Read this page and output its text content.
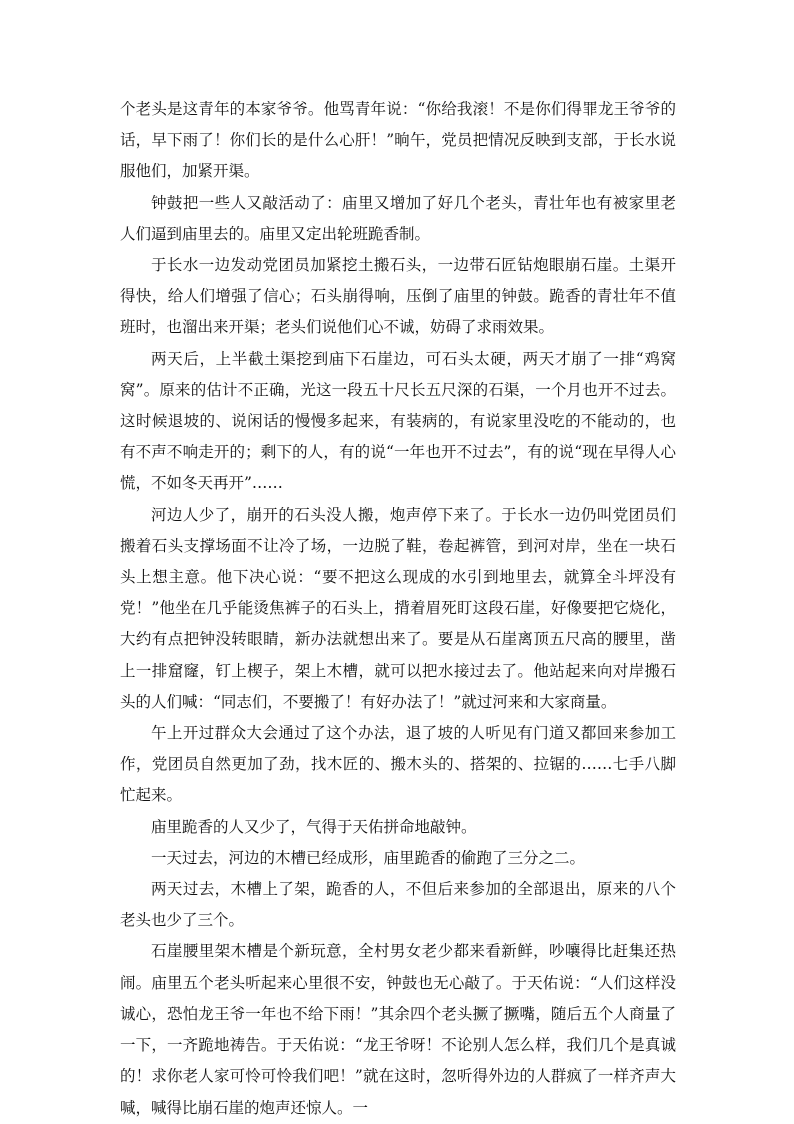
个老头是这青年的本家爷爷。他骂青年说：“你给我滚！不是你们得罪龙王爷爷的话，早下雨了！你们长的是什么心肝！”晌午，党员把情况反映到支部，于长水说服他们，加紧开渠。

钟鼓把一些人又敲活动了：庙里又增加了好几个老头，青壮年也有被家里老人们逼到庙里去的。庙里又定出轮班跪香制。

于长水一边发动党团员加紧挖土搬石头，一边带石匠钻炮眼崩石崖。土渠开得快，给人们增强了信心；石头崩得响，压倒了庙里的钟鼓。跪香的青壮年不值班时，也溜出来开渠；老头们说他们心不诚，妨碍了求雨效果。

两天后，上半截土渠挖到庙下石崖边，可石头太硬，两天才崩了一排“鸡窝窝”。原来的估计不正确，光这一段五十尺长五尺深的石渠，一个月也开不过去。这时候退坡的、说闲话的慢慢多起来，有装病的，有说家里没吃的不能动的，也有不声不响走开的；剩下的人，有的说“一年也开不过去”，有的说“现在早得人心慌，不如冬天再开”……

河边人少了，崩开的石头没人搬，炮声停下来了。于长水一边仍叫党团员们搬着石头支撑场面不让冷了场，一边脱了鞋，卷起裤管，到河对岸，坐在一块石头上想主意。他下决心说：“要不把这么现成的水引到地里去，就算全斗坪没有党！”他坐在几乎能烫焦裤子的石头上，揹着眉死盯这段石崖，好像要把它烧化，大约有点把钟没转眼睛，新办法就想出来了。要是从石崖离顶五尺高的腰里，凿上一排窟窿，钉上楔子，架上木槽，就可以把水接过去了。他站起来向对岸搬石头的人们喊：“同志们，不要搬了！有好办法了！”就过河来和大家商量。

午上开过群众大会通过了这个办法，退了坡的人听见有门道又都回来参加工作，党团员自然更加了劲，找木匠的、搬木头的、搭架的、拉锯的……七手八脚忙起来。

庙里跪香的人又少了，气得于天佑拼命地敲钟。

一天过去，河边的木槽已经成形，庙里跪香的偷跑了三分之二。

两天过去，木槽上了架，跪香的人，不但后来参加的全部退出，原来的八个老头也少了三个。

石崖腰里架木槽是个新玩意，全村男女老少都来看新鲜，吵嚷得比赶集还热闹。庙里五个老头听起来心里很不安，钟鼓也无心敲了。于天佑说：“人们这样没诚心，恐怕龙王爷一年也不给下雨！”其余四个老头撅了撅嘴，随后五个人商量了一下，一齐跪地祷告。于天佑说：“龙王爷呀！不论别人怎么样，我们几个是真诚的！求你老人家可怜可怜我们吧！”就在这时，忽听得外边的人群疯了一样齐声大喊，喊得比崩石崖的炮声还惊人。一
